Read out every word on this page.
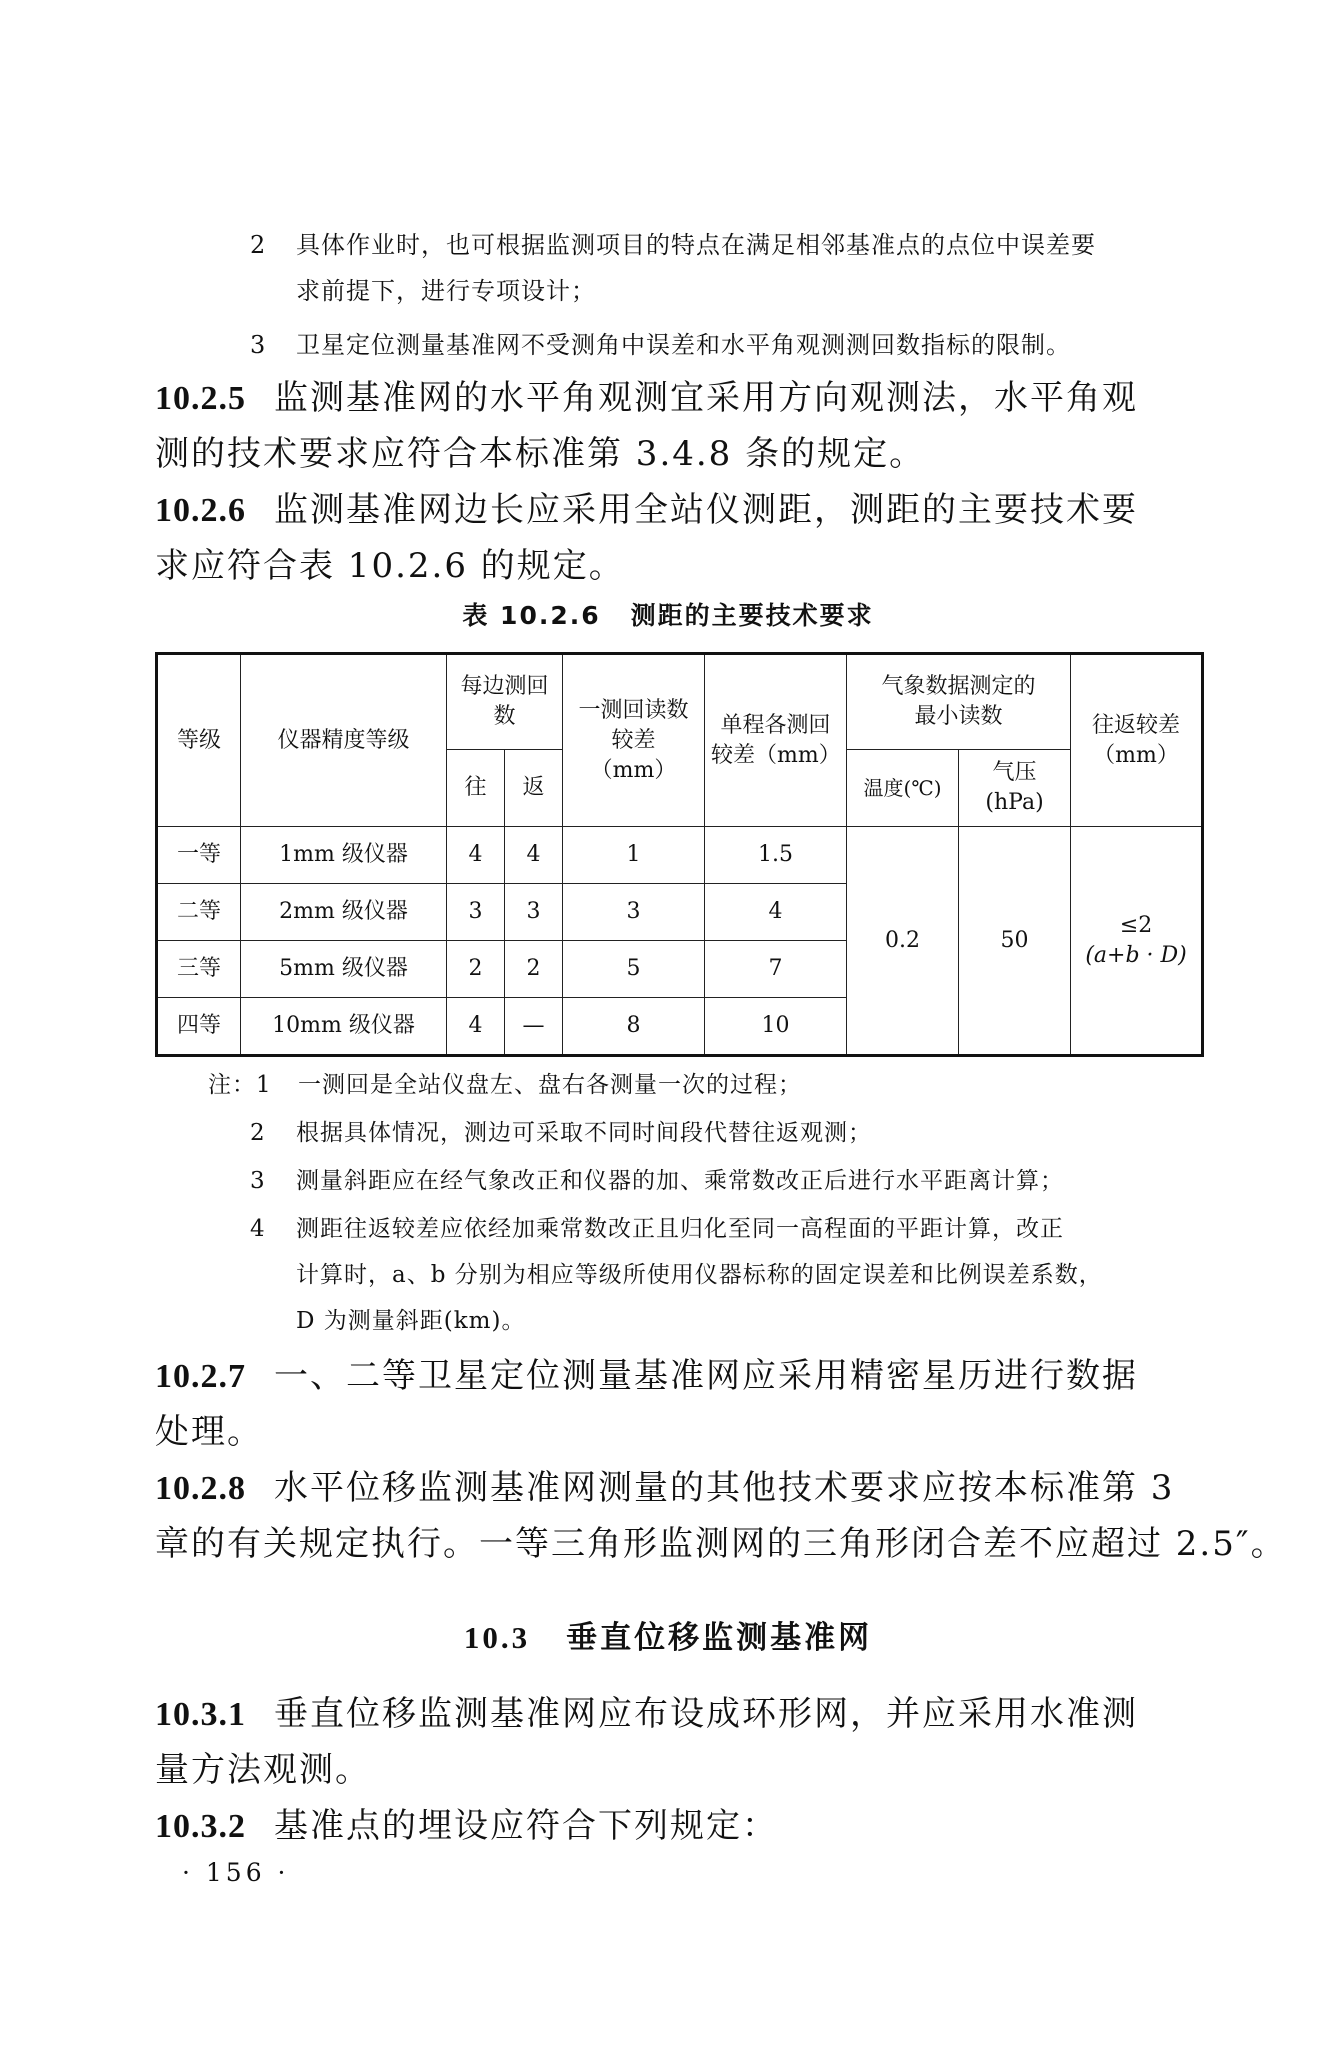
2 具体作业时，也可根据监测项目的特点在满足相邻基准点的点位中误差要
求前提下，进行专项设计；
3 卫星定位测量基准网不受测角中误差和水平角观测测回数指标的限制。
10.2.5 监测基准网的水平角观测宜采用方向观测法，水平角观
测的技术要求应符合本标准第 3.4.8 条的规定。
10.2.6 监测基准网边长应采用全站仪测距，测距的主要技术要
求应符合表 10.2.6 的规定。
表 10.2.6 测距的主要技术要求
等级	仪器精度等级	每边测回数		一测回读数较差（mm）	单程各测回较差（mm）	气象数据测定的最小读数		往返较差（mm）
		往	返			温度(℃)	气压(hPa)	
一等	1mm 级仪器	4	4	1	1.5	0.2	50	≤2
(a+b · D)

二等	2mm 级仪器	3	3	3	4			
三等	5mm 级仪器	2	2	5	7			
四等	10mm 级仪器	4	—	8	10			
注：1 一测回是全站仪盘左、盘右各测量一次的过程；
2 根据具体情况，测边可采取不同时间段代替往返观测；
3 测量斜距应在经气象改正和仪器的加、乘常数改正后进行水平距离计算；
4 测距往返较差应依经加乘常数改正且归化至同一高程面的平距计算，改正
计算时，a、b 分别为相应等级所使用仪器标称的固定误差和比例误差系数，
D 为测量斜距(km)。
10.2.7 一、二等卫星定位测量基准网应采用精密星历进行数据
处理。
10.2.8 水平位移监测基准网测量的其他技术要求应按本标准第 3
章的有关规定执行。一等三角形监测网的三角形闭合差不应超过 2.5″。
10.3 垂直位移监测基准网
10.3.1 垂直位移监测基准网应布设成环形网，并应采用水准测
量方法观测。
10.3.2 基准点的埋设应符合下列规定：
· 156 ·
